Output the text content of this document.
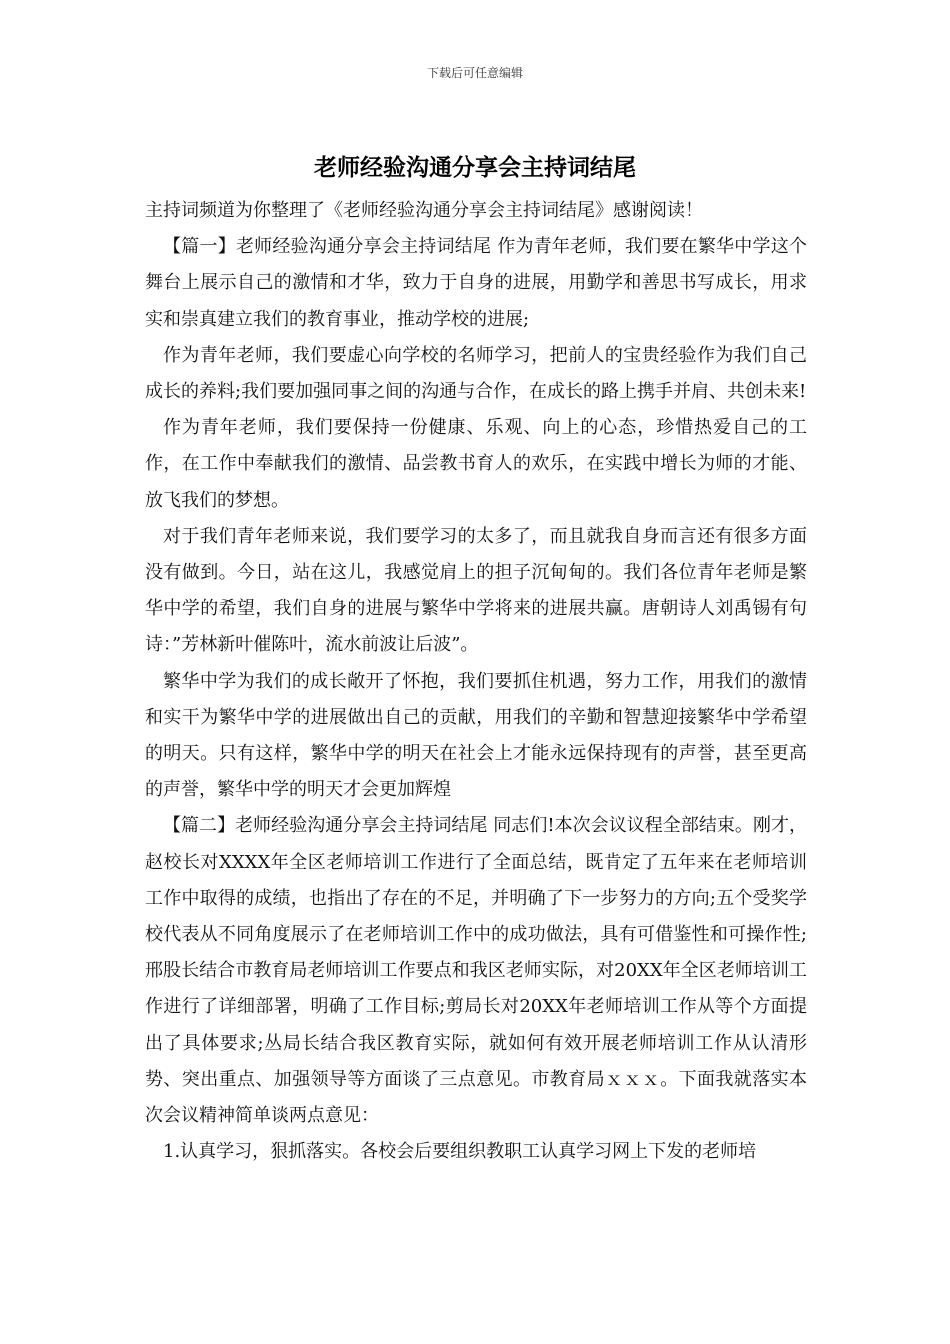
下载后可任意编辑
老师经验沟通分享会主持词结尾

主持词频道为你整理了《老师经验沟通分享会主持词结尾》感谢阅读！

【篇一】老师经验沟通分享会主持词结尾 作为青年老师，我们要在繁华中学这个舞台上展示自己的激情和才华，致力于自身的进展，用勤学和善思书写成长，用求实和崇真建立我们的教育事业，推动学校的进展;

作为青年老师，我们要虚心向学校的名师学习，把前人的宝贵经验作为我们自己成长的养料;我们要加强同事之间的沟通与合作，在成长的路上携手并肩、共创未来!

作为青年老师，我们要保持一份健康、乐观、向上的心态，珍惜热爱自己的工作，在工作中奉献我们的激情、品尝教书育人的欢乐，在实践中增长为师的才能、放飞我们的梦想。

对于我们青年老师来说，我们要学习的太多了，而且就我自身而言还有很多方面没有做到。今日，站在这儿，我感觉肩上的担子沉甸甸的。我们各位青年老师是繁华中学的希望，我们自身的进展与繁华中学将来的进展共赢。唐朝诗人刘禹锡有句诗：”芳林新叶催陈叶，流水前波让后波”。

繁华中学为我们的成长敞开了怀抱，我们要抓住机遇，努力工作，用我们的激情和实干为繁华中学的进展做出自己的贡献，用我们的辛勤和智慧迎接繁华中学希望的明天。只有这样，繁华中学的明天在社会上才能永远保持现有的声誉，甚至更高的声誉，繁华中学的明天才会更加辉煌

【篇二】老师经验沟通分享会主持词结尾 同志们!本次会议议程全部结束。刚才，赵校长对XXXX年全区老师培训工作进行了全面总结，既肯定了五年来在老师培训工作中取得的成绩，也指出了存在的不足，并明确了下一步努力的方向;五个受奖学校代表从不同角度展示了在老师培训工作中的成功做法，具有可借鉴性和可操作性;邢股长结合市教育局老师培训工作要点和我区老师实际，对20XX年全区老师培训工作进行了详细部署，明确了工作目标;剪局长对20XX年老师培训工作从等个方面提出了具体要求;丛局长结合我区教育实际，就如何有效开展老师培训工作从认清形势、突出重点、加强领导等方面谈了三点意见。市教育局ｘｘｘ。下面我就落实本次会议精神简单谈两点意见：

1.认真学习，狠抓落实。各校会后要组织教职工认真学习网上下发的老师培
